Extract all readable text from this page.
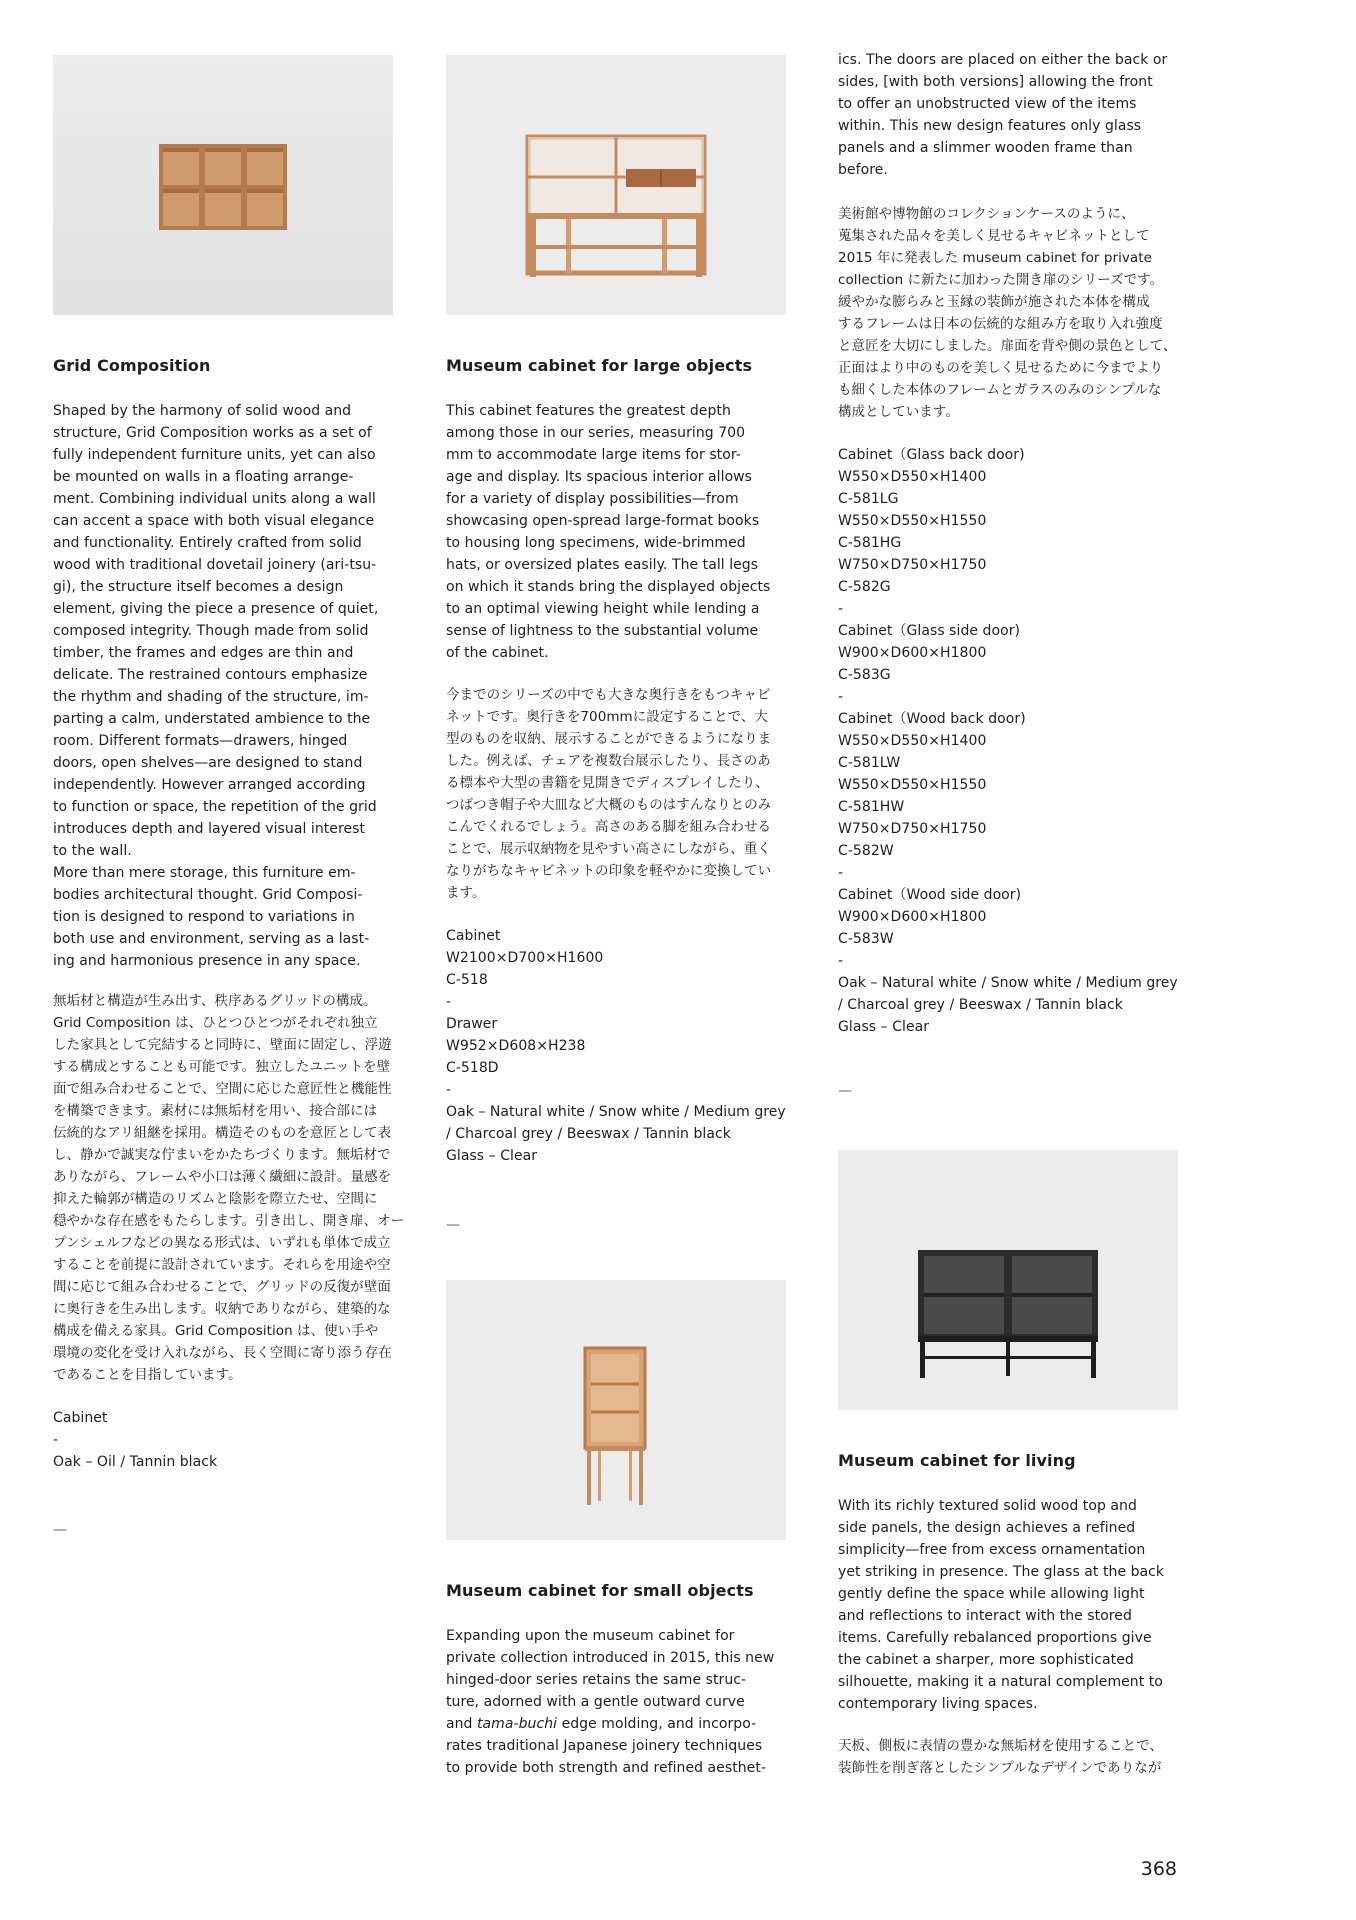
Grid Composition

Shaped by the harmony of solid wood and
structure, Grid Composition works as a set of
fully independent furniture units, yet can also
be mounted on walls in a floating arrange-
ment. Combining individual units along a wall
can accent a space with both visual elegance
and functionality. Entirely crafted from solid
wood with traditional dovetail joinery (ari-tsu-
gi), the structure itself becomes a design
element, giving the piece a presence of quiet,
composed integrity. Though made from solid
timber, the frames and edges are thin and
delicate. The restrained contours emphasize
the rhythm and shading of the structure, im-
parting a calm, understated ambience to the
room. Different formats—drawers, hinged
doors, open shelves—are designed to stand
independently. However arranged according
to function or space, the repetition of the grid
introduces depth and layered visual interest
to the wall.
More than mere storage, this furniture em-
bodies architectural thought. Grid Composi-
tion is designed to respond to variations in
both use and environment, serving as a last-
ing and harmonious presence in any space.

無垢材と構造が生み出す、秩序あるグリッドの構成。
Grid Composition は、ひとつひとつがそれぞれ独立
した家具として完結すると同時に、壁面に固定し、浮遊
する構成とすることも可能です。独立したユニットを壁
面で組み合わせることで、空間に応じた意匠性と機能性
を構築できます。素材には無垢材を用い、接合部には
伝統的なアリ組継を採用。構造そのものを意匠として表
し、静かで誠実な佇まいをかたちづくります。無垢材で
ありながら、フレームや小口は薄く繊細に設計。量感を
抑えた輪郭が構造のリズムと陰影を際立たせ、空間に
穏やかな存在感をもたらします。引き出し、開き扉、オー
プンシェルフなどの異なる形式は、いずれも単体で成立
することを前提に設計されています。それらを用途や空
間に応じて組み合わせることで、グリッドの反復が壁面
に奥行きを生み出します。収納でありながら、建築的な
構成を備える家具。Grid Composition は、使い手や
環境の変化を受け入れながら、長く空間に寄り添う存在
であることを目指しています。

Cabinet
-
Oak – Oil / Tannin black

—
Museum cabinet for large objects

This cabinet features the greatest depth
among those in our series, measuring 700
mm to accommodate large items for stor-
age and display. Its spacious interior allows
for a variety of display possibilities—from
showcasing open-spread large-format books
to housing long specimens, wide-brimmed
hats, or oversized plates easily. The tall legs
on which it stands bring the displayed objects
to an optimal viewing height while lending a
sense of lightness to the substantial volume
of the cabinet.

今までのシリーズの中でも大きな奥行きをもつキャビ
ネットです。奥行きを700mmに設定することで、大
型のものを収納、展示することができるようになりま
した。例えば、チェアを複数台展示したり、長さのあ
る標本や大型の書籍を見開きでディスプレイしたり、
つばつき帽子や大皿など大概のものはすんなりとのみ
こんでくれるでしょう。高さのある脚を組み合わせる
ことで、展示収納物を見やすい高さにしながら、重く
なりがちなキャビネットの印象を軽やかに変換してい
ます。

Cabinet
W2100×D700×H1600
C-518
-
Drawer
W952×D608×H238
C-518D
-
Oak – Natural white / Snow white / Medium grey
/ Charcoal grey / Beeswax / Tannin black
Glass – Clear

—
Museum cabinet for small objects

Expanding upon the museum cabinet for
private collection introduced in 2015, this new
hinged-door series retains the same struc-
ture, adorned with a gentle outward curve
and tama-buchi edge molding, and incorpo-
rates traditional Japanese joinery techniques
to provide both strength and refined aesthet-

ics. The doors are placed on either the back or
sides, [with both versions] allowing the front
to offer an unobstructed view of the items
within. This new design features only glass
panels and a slimmer wooden frame than
before.

美術館や博物館のコレクションケースのように、
蒐集された品々を美しく見せるキャビネットとして
2015 年に発表した museum cabinet for private
collection に新たに加わった開き扉のシリーズです。
緩やかな膨らみと玉縁の装飾が施された本体を構成
するフレームは日本の伝統的な組み方を取り入れ強度
と意匠を大切にしました。扉面を背や側の景色として、
正面はより中のものを美しく見せるために今までより
も細くした本体のフレームとガラスのみのシンプルな
構成としています。

Cabinet（Glass back door)
W550×D550×H1400
C-581LG
W550×D550×H1550
C-581HG
W750×D750×H1750
C-582G
-
Cabinet（Glass side door)
W900×D600×H1800
C-583G
-
Cabinet（Wood back door)
W550×D550×H1400
C-581LW
W550×D550×H1550
C-581HW
W750×D750×H1750
C-582W
-
Cabinet（Wood side door)
W900×D600×H1800
C-583W
-
Oak – Natural white / Snow white / Medium grey
/ Charcoal grey / Beeswax / Tannin black
Glass – Clear

—
Museum cabinet for living

With its richly textured solid wood top and
side panels, the design achieves a refined
simplicity—free from excess ornamentation
yet striking in presence. The glass at the back
gently define the space while allowing light
and reflections to interact with the stored
items. Carefully rebalanced proportions give
the cabinet a sharper, more sophisticated
silhouette, making it a natural complement to
contemporary living spaces.

天板、側板に表情の豊かな無垢材を使用することで、
装飾性を削ぎ落としたシンプルなデザインでありなが

368
